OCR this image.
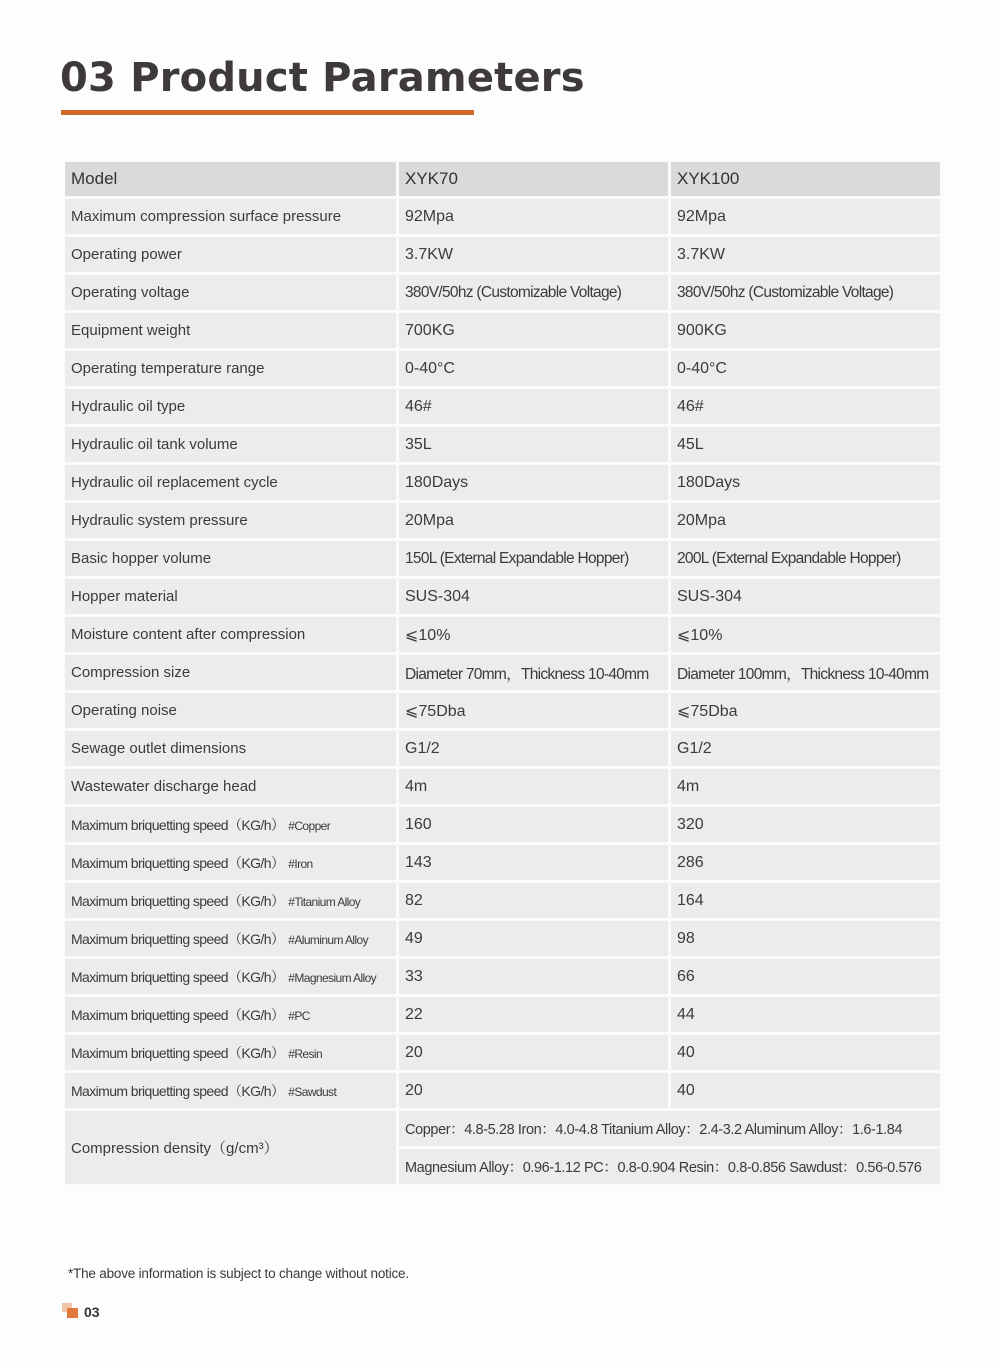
03 Product Parameters
Model	XYK70	XYK100
Maximum compression surface pressure	92Mpa	92Mpa
Operating power	3.7KW	3.7KW
Operating voltage	380V/50hz (Customizable Voltage)	380V/50hz (Customizable Voltage)
Equipment weight	700KG	900KG
Operating temperature range	0-40°C	0-40°C
Hydraulic oil type	46#	46#
Hydraulic oil tank volume	35L	45L
Hydraulic oil replacement cycle	180Days	180Days
Hydraulic system pressure	20Mpa	20Mpa
Basic hopper volume	150L (External Expandable Hopper)	200L (External Expandable Hopper)
Hopper material	SUS-304	SUS-304
Moisture content after compression	⩽10%	⩽10%
Compression size	Diameter 70mm，Thickness 10-40mm	Diameter 100mm，Thickness 10-40mm
Operating noise	⩽75Dba	⩽75Dba
Sewage outlet dimensions	G1/2	G1/2
Wastewater discharge head	4m	4m
Maximum briquetting speed（KG/h） #Copper	160	320
Maximum briquetting speed（KG/h） #Iron	143	286
Maximum briquetting speed（KG/h） #Titanium Alloy	82	164
Maximum briquetting speed（KG/h） #Aluminum Alloy	49	98
Maximum briquetting speed（KG/h） #Magnesium Alloy	33	66
Maximum briquetting speed（KG/h） #PC	22	44
Maximum briquetting speed（KG/h） #Resin	20	40
Maximum briquetting speed（KG/h） #Sawdust	20	40
Compression density（g/cm³）	Copper：4.8-5.28 Iron：4.0-4.8 Titanium Alloy：2.4-3.2 Aluminum Alloy：1.6-1.84	
	Magnesium Alloy：0.96-1.12 PC：0.8-0.904 Resin：0.8-0.856 Sawdust：0.56-0.576	
*The above information is subject to change without notice.
03
